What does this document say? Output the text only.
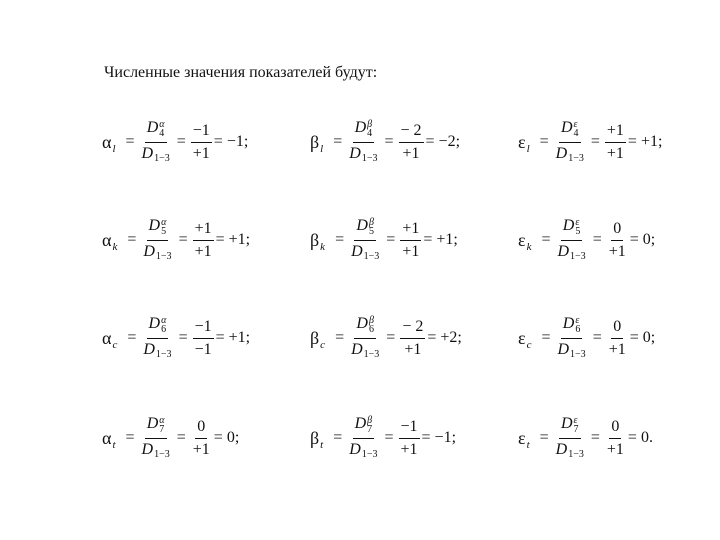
Численные значения показателей будут:
α l = D α
4
D $1-3 = \frac{-1}{+1} = -1$;	β l = D β
4
D $1-3 = \frac{- 2}{+1} = -2$;	ε l = D ε
4
D $1-3 = \frac{+1}{+1} = +1$;
α k = D α
5
D $1-3 = \frac{+1}{+1} = +1$;	β k = D β
5
D $1-3 = \frac{+1}{+1} = +1$;	ε k = D ε
5
D $1-3 = \frac{0}{+1} = 0$;
α c = D α
6
D $1-3 = \frac{-1}{-1} = +1$;	β c = D β
6
D $1-3 = \frac{- 2}{+1} = +2$;	ε c = D ε
6
D $1-3 = \frac{0}{+1} = 0$;
α t = D α
7
D $1-3 = \frac{0}{+1} = 0$;	β t = D β
7
D $1-3 = \frac{-1}{+1} = -1$;	ε t = D ε
7
D $1-3 = \frac{0}{+1} = 0$.
